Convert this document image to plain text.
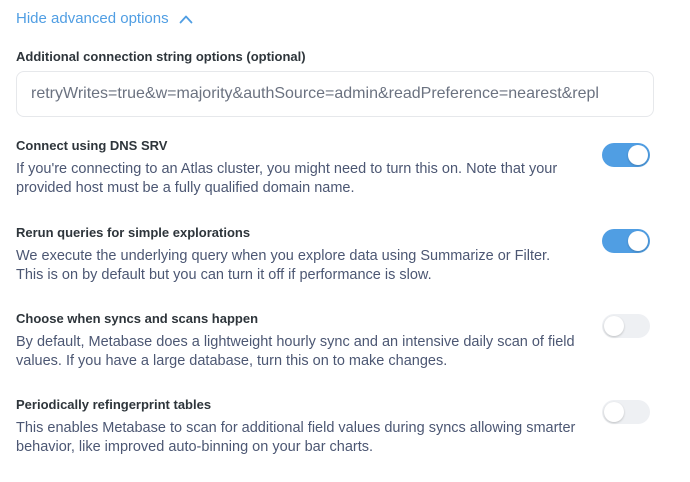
Hide advanced options
Additional connection string options (optional)
retryWrites=true&w=majority&authSource=admin&readPreference=nearest&repl
Connect using DNS SRV
If you're connecting to an Atlas cluster, you might need to turn this on. Note that your provided host must be a fully qualified domain name.
Rerun queries for simple explorations
We execute the underlying query when you explore data using Summarize or Filter. This is on by default but you can turn it off if performance is slow.
Choose when syncs and scans happen
By default, Metabase does a lightweight hourly sync and an intensive daily scan of field values. If you have a large database, turn this on to make changes.
Periodically refingerprint tables
This enables Metabase to scan for additional field values during syncs allowing smarter behavior, like improved auto-binning on your bar charts.
